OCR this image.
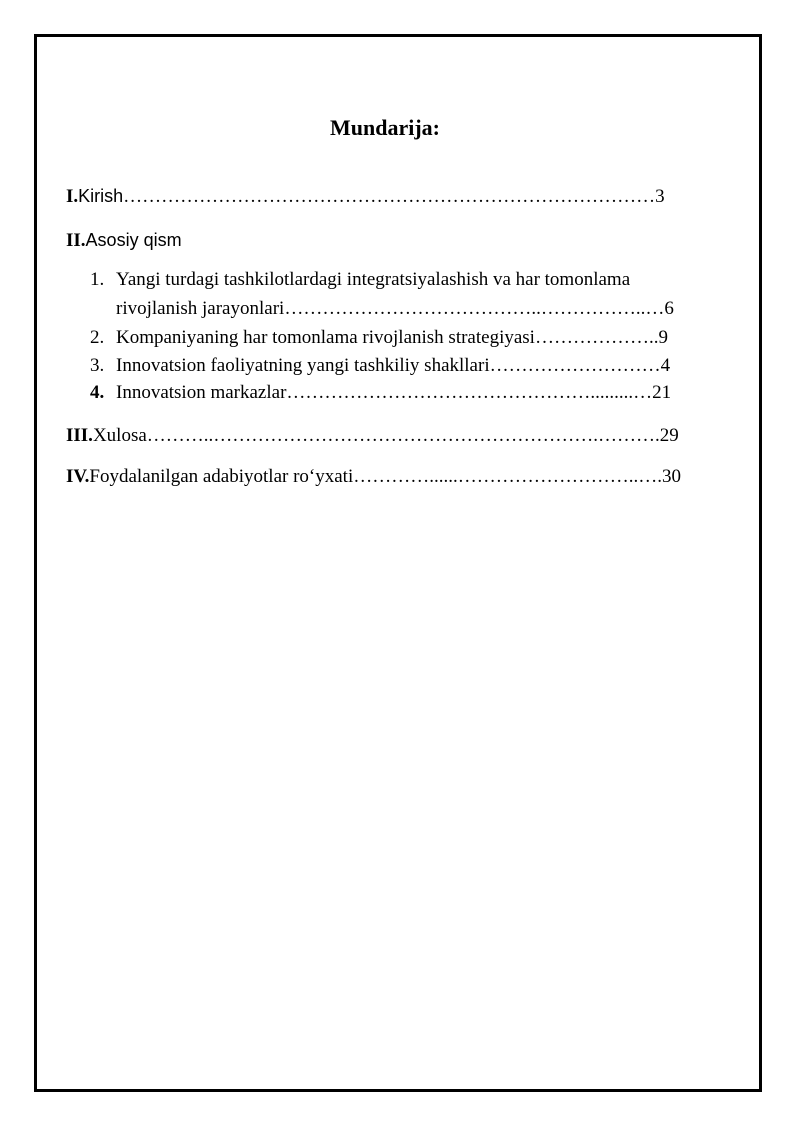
Mundarija:
I.Kirish…………………………………………………………………………3
II.Asosiy qism
1. Yangi turdagi tashkilotlardagi integratsiyalashish va har tomonlama
rivojlanish jarayonlari…………………………………..……………..…6
2. Kompaniyaning har tomonlama rivojlanish strategiyasi………………..9
3. Innovatsion faoliyatning yangi tashkiliy shakllari………………………4
4. Innovatsion markazlar………………………………………….........…21
III.Xulosa………..…………………………………………………….……….29
IV.Foydalanilgan adabiyotlar ro‘yxati…………......………………………..….30
